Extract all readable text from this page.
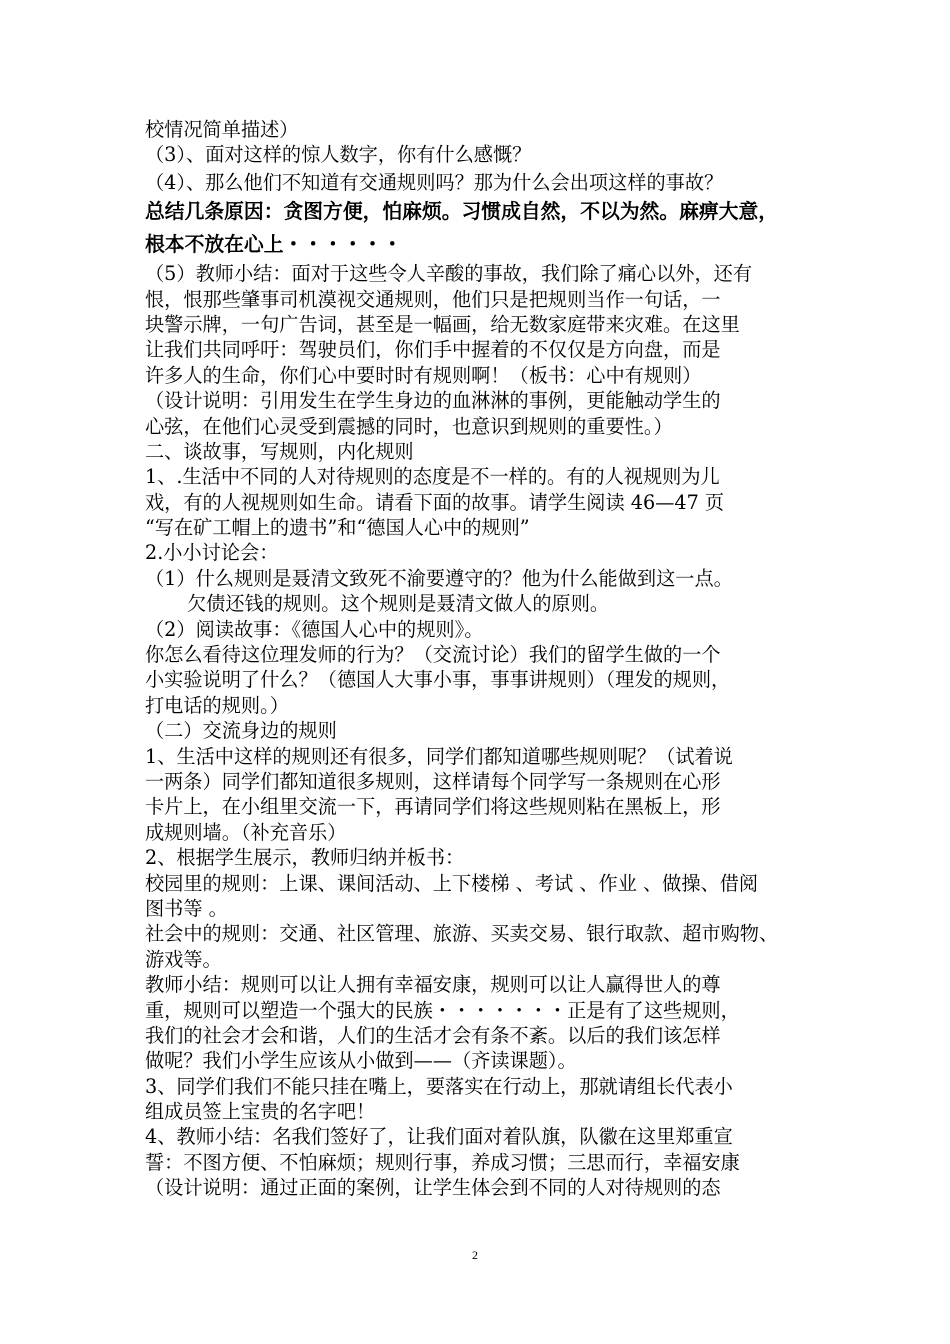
校情况简单描述）
（3）、面对这样的惊人数字，你有什么感慨？
（4）、那么他们不知道有交通规则吗？那为什么会出项这样的事故？
总结几条原因：贪图方便，怕麻烦。习惯成自然，不以为然。麻痹大意，
根本不放在心上・・・・・・
（5）教师小结：面对于这些令人辛酸的事故，我们除了痛心以外，还有
恨，恨那些肇事司机漠视交通规则，他们只是把规则当作一句话，一
块警示牌，一句广告词，甚至是一幅画，给无数家庭带来灾难。在这里
让我们共同呼吁：驾驶员们，你们手中握着的不仅仅是方向盘，而是
许多人的生命，你们心中要时时有规则啊！（板书：心中有规则）
（设计说明：引用发生在学生身边的血淋淋的事例，更能触动学生的
心弦，在他们心灵受到震撼的同时，也意识到规则的重要性。）
二、谈故事，写规则，内化规则
1、.生活中不同的人对待规则的态度是不一样的。有的人视规则为儿
戏，有的人视规则如生命。请看下面的故事。请学生阅读 46—47 页
“写在矿工帽上的遗书”和“德国人心中的规则”
2.小小讨论会：
（1）什么规则是聂清文致死不渝要遵守的？他为什么能做到这一点。
欠债还钱的规则。这个规则是聂清文做人的原则。
（2）阅读故事：《德国人心中的规则》。
你怎么看待这位理发师的行为？（交流讨论）我们的留学生做的一个
小实验说明了什么？（德国人大事小事，事事讲规则）（理发的规则，
打电话的规则。）
（二）交流身边的规则
1、生活中这样的规则还有很多，同学们都知道哪些规则呢？（试着说
一两条）同学们都知道很多规则，这样请每个同学写一条规则在心形
卡片上，在小组里交流一下，再请同学们将这些规则粘在黑板上，形
成规则墙。（补充音乐）
2、根据学生展示，教师归纳并板书：
校园里的规则：上课、课间活动、上下楼梯 、考试 、作业 、做操、借阅
图书等 。
社会中的规则：交通、社区管理、旅游、买卖交易、银行取款、超市购物、
游戏等。
教师小结：规则可以让人拥有幸福安康，规则可以让人赢得世人的尊
重，规则可以塑造一个强大的民族・・・・・・・正是有了这些规则，
我们的社会才会和谐，人们的生活才会有条不紊。以后的我们该怎样
做呢？我们小学生应该从小做到——（齐读课题）。
3、同学们我们不能只挂在嘴上，要落实在行动上，那就请组长代表小
组成员签上宝贵的名字吧！
4、教师小结：名我们签好了，让我们面对着队旗，队徽在这里郑重宣
誓：不图方便、不怕麻烦；规则行事，养成习惯；三思而行，幸福安康
（设计说明：通过正面的案例，让学生体会到不同的人对待规则的态
2
